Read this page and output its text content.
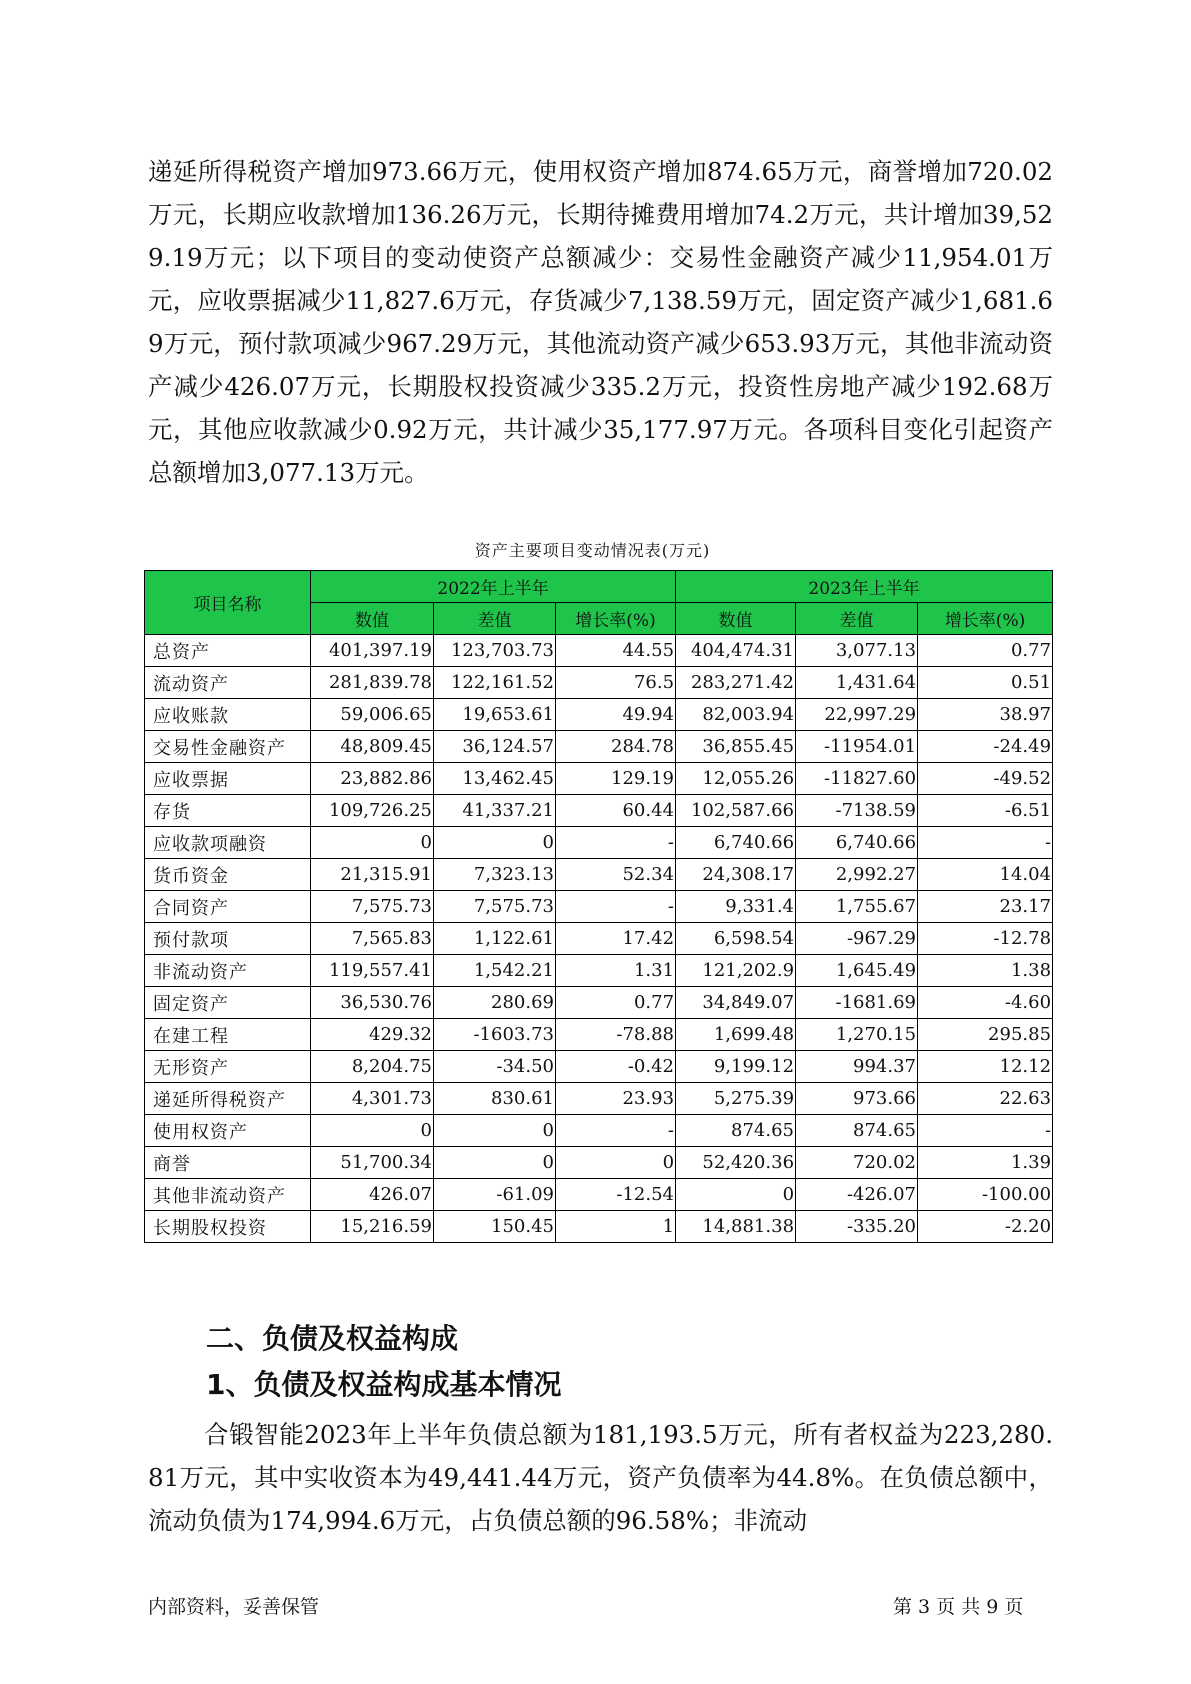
递延所得税资产增加973.66万元，使用权资产增加874.65万元，商誉增加720.02万元，长期应收款增加136.26万元，长期待摊费用增加74.2万元，共计增加39,529.19万元；以下项目的变动使资产总额减少：交易性金融资产减少11,954.01万元，应收票据减少11,827.6万元，存货减少7,138.59万元，固定资产减少1,681.69万元，预付款项减少967.29万元，其他流动资产减少653.93万元，其他非流动资产减少426.07万元，长期股权投资减少335.2万元，投资性房地产减少192.68万元，其他应收款减少0.92万元，共计减少35,177.97万元。各项科目变化引起资产总额增加3,077.13万元。

资产主要项目变动情况表(万元)
项目名称	2022年上半年			2023年上半年		
	数值	差值	增长率(%)	数值	差值	增长率(%)
总资产	401,397.19	123,703.73	44.55	404,474.31	3,077.13	0.77
流动资产	281,839.78	122,161.52	76.5	283,271.42	1,431.64	0.51
应收账款	59,006.65	19,653.61	49.94	82,003.94	22,997.29	38.97
交易性金融资产	48,809.45	36,124.57	284.78	36,855.45	-11954.01	-24.49
应收票据	23,882.86	13,462.45	129.19	12,055.26	-11827.60	-49.52
存货	109,726.25	41,337.21	60.44	102,587.66	-7138.59	-6.51
应收款项融资	0	0	-	6,740.66	6,740.66	-
货币资金	21,315.91	7,323.13	52.34	24,308.17	2,992.27	14.04
合同资产	7,575.73	7,575.73	-	9,331.4	1,755.67	23.17
预付款项	7,565.83	1,122.61	17.42	6,598.54	-967.29	-12.78
非流动资产	119,557.41	1,542.21	1.31	121,202.9	1,645.49	1.38
固定资产	36,530.76	280.69	0.77	34,849.07	-1681.69	-4.60
在建工程	429.32	-1603.73	-78.88	1,699.48	1,270.15	295.85
无形资产	8,204.75	-34.50	-0.42	9,199.12	994.37	12.12
递延所得税资产	4,301.73	830.61	23.93	5,275.39	973.66	22.63
使用权资产	0	0	-	874.65	874.65	-
商誉	51,700.34	0	0	52,420.36	720.02	1.39
其他非流动资产	426.07	-61.09	-12.54	0	-426.07	-100.00
长期股权投资	15,216.59	150.45	1	14,881.38	-335.20	-2.20
二、负债及权益构成
1、负债及权益构成基本情况

合锻智能2023年上半年负债总额为181,193.5万元，所有者权益为223,280.81万元，其中实收资本为49,441.44万元，资产负债率为44.8%。在负债总额中，流动负债为174,994.6万元，占负债总额的96.58%；非流动

内部资料，妥善保管	第 3 页 共 9 页
